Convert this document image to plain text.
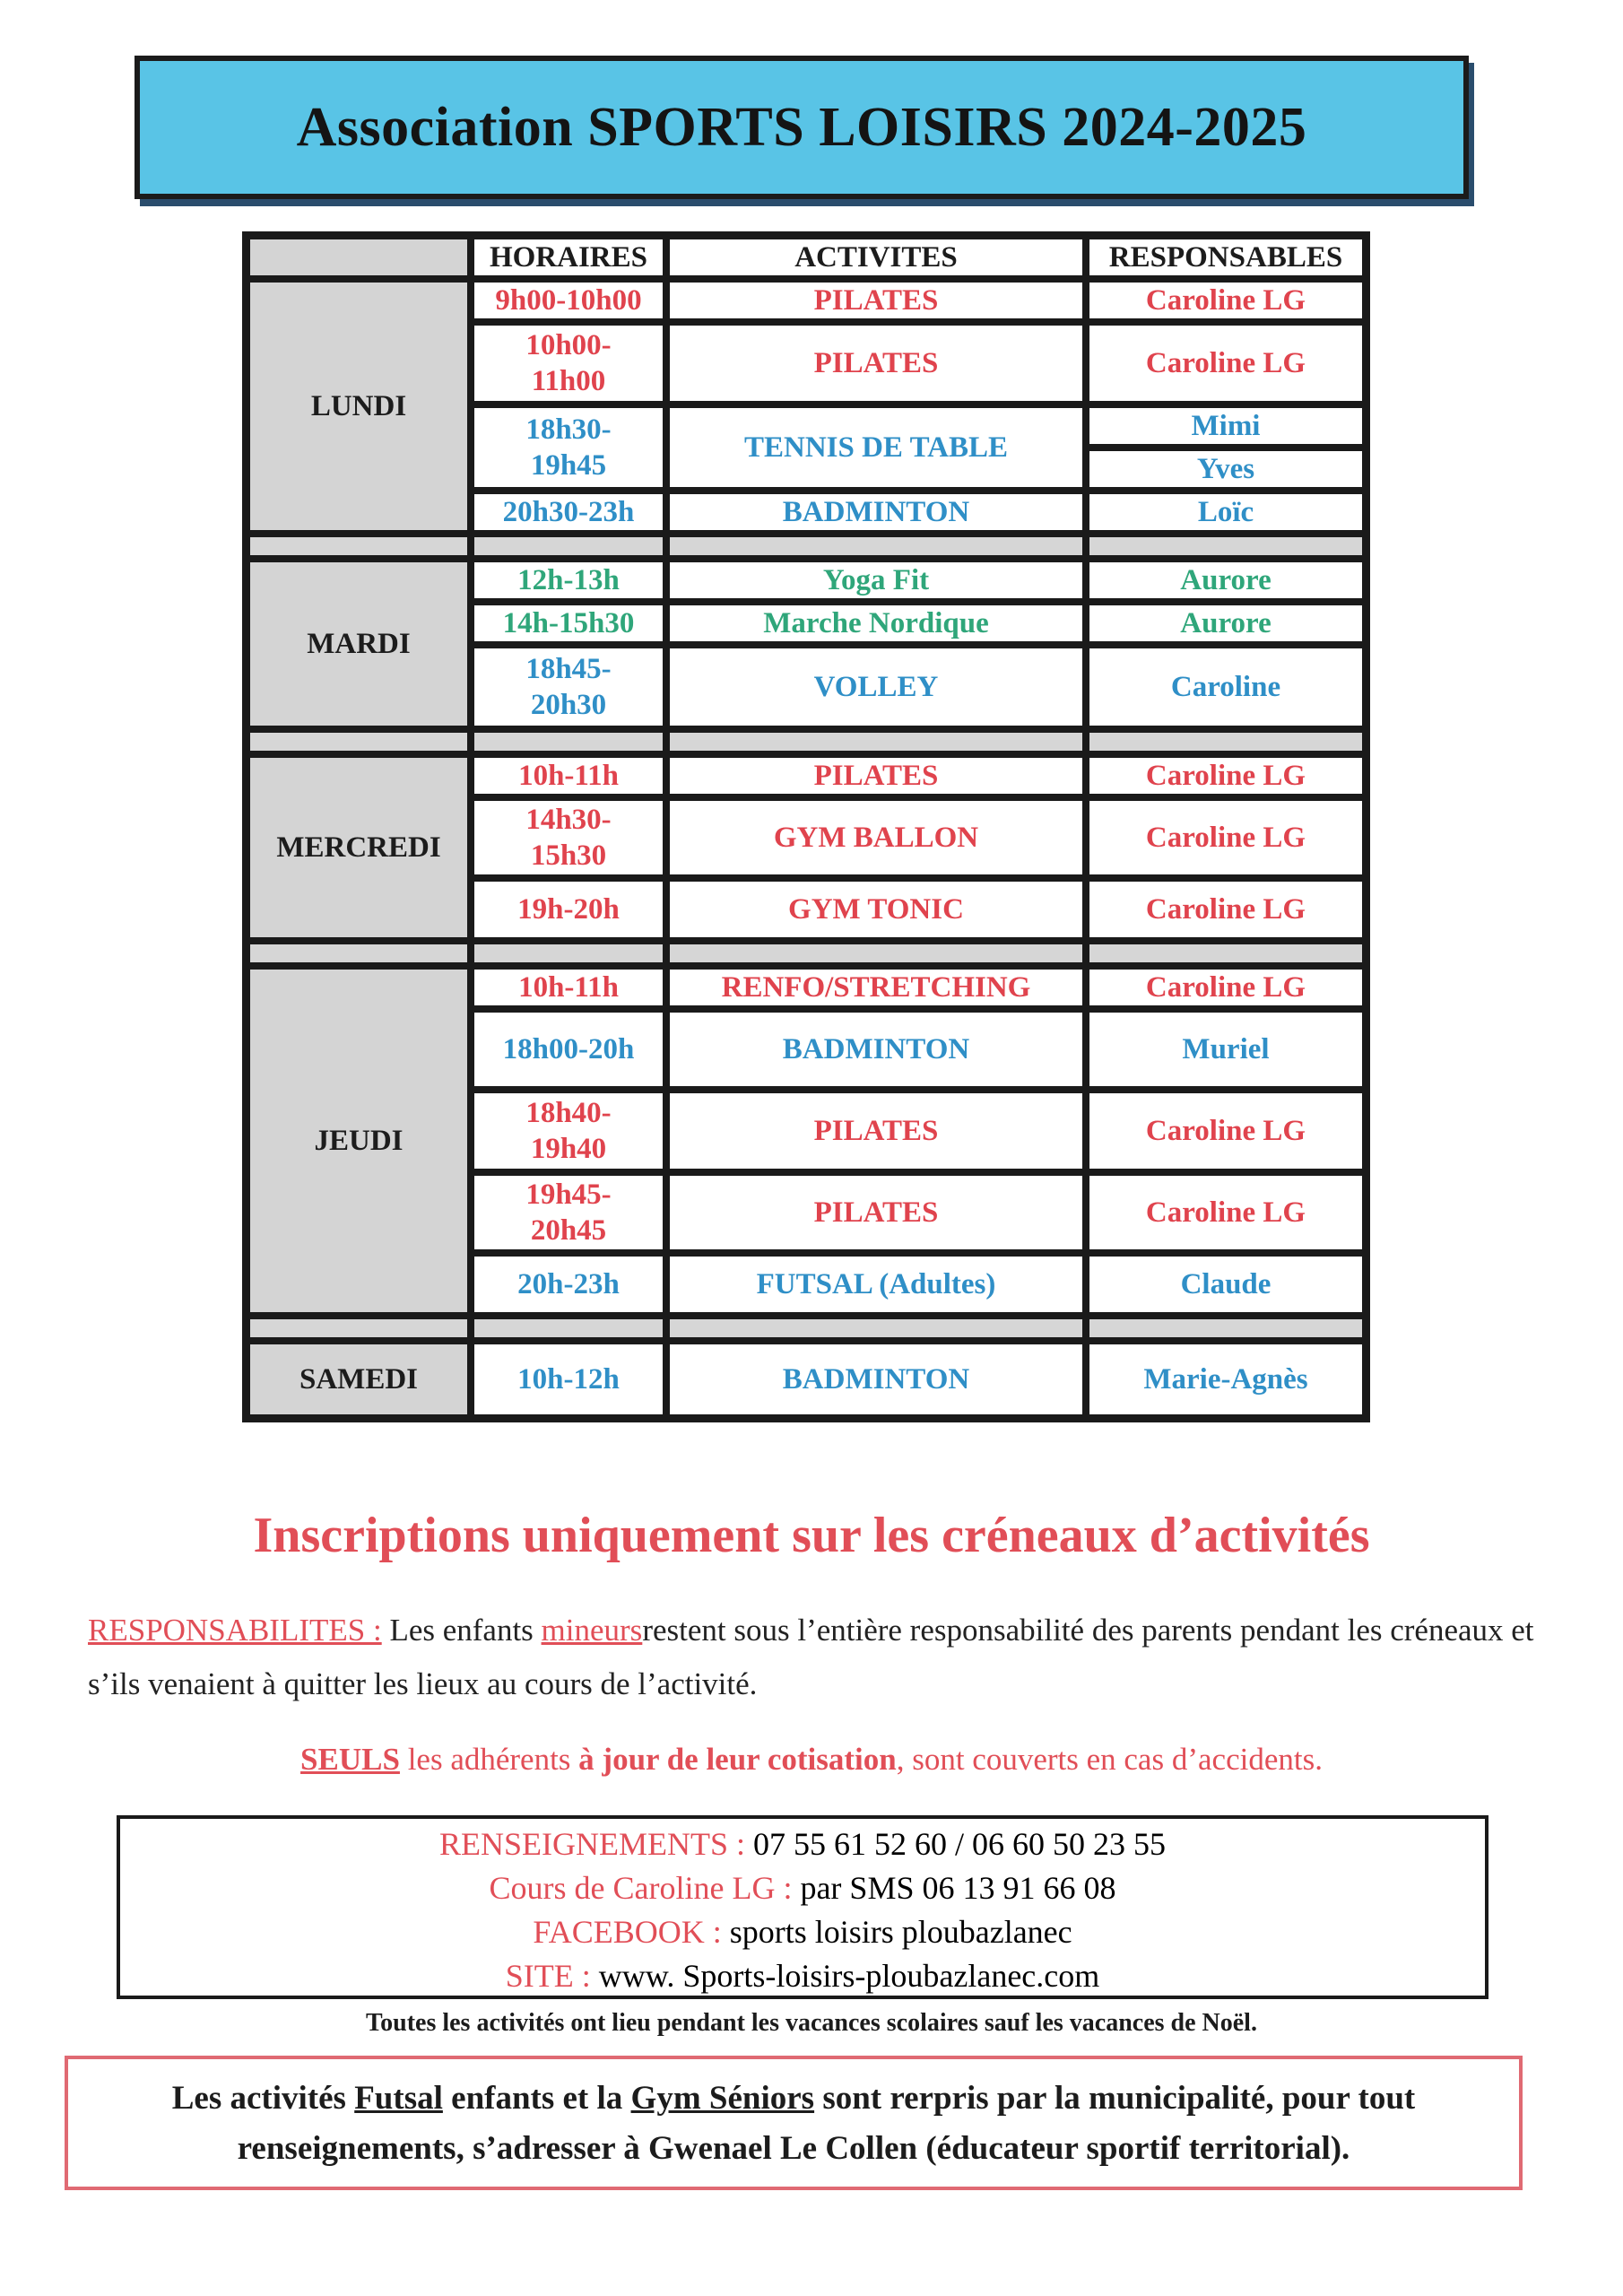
Association SPORTS LOISIRS 2024-2025
	HORAIRES	ACTIVITES	RESPONSABLES
LUNDI	9h00-10h00	PILATES	Caroline LG

	10h00-11h00	PILATES	Caroline LG

	18h30-19h45	TENNIS DE TABLE	Mimi
			Yves
	20h30-23h	BADMINTON	Loïc

MARDI	12h-13h	Yoga Fit	Aurore
	14h-15h30	Marche Nordique	Aurore

	18h45-20h30	VOLLEY	Caroline

MERCREDI	10h-11h	PILATES	Caroline LG

	14h30-15h30	GYM BALLON	Caroline LG
	19h-20h	GYM TONIC	Caroline LG

JEUDI	10h-11h	RENFO/STRETCHING	Caroline LG
	18h00-20h	BADMINTON	Muriel

	18h40-19h40	PILATES	Caroline LG

	19h45-20h45	PILATES	Caroline LG
	20h-23h	FUTSAL (Adultes)	Claude

SAMEDI	10h-12h	BADMINTON	Marie-Agnès
Inscriptions uniquement sur les créneaux d’activités
RESPONSABILITES : Les enfants mineursrestent sous l’entière responsabilité des parents pendant les créneaux et s’ils venaient à quitter les lieux au cours de l’activité.
SEULS les adhérents à jour de leur cotisation, sont couverts en cas d’accidents.
RENSEIGNEMENTS : 07 55 61 52 60 / 06 60 50 23 55
Cours de Caroline LG : par SMS 06 13 91 66 08
FACEBOOK : sports loisirs ploubazlanec
SITE : www. Sports-loisirs-ploubazlanec.com
Toutes les activités ont lieu pendant les vacances scolaires sauf les vacances de Noël.
Les activités Futsal enfants et la Gym Séniors sont rerpris par la municipalité, pour tout renseignements, s’adresser à Gwenael Le Collen (éducateur sportif territorial).
